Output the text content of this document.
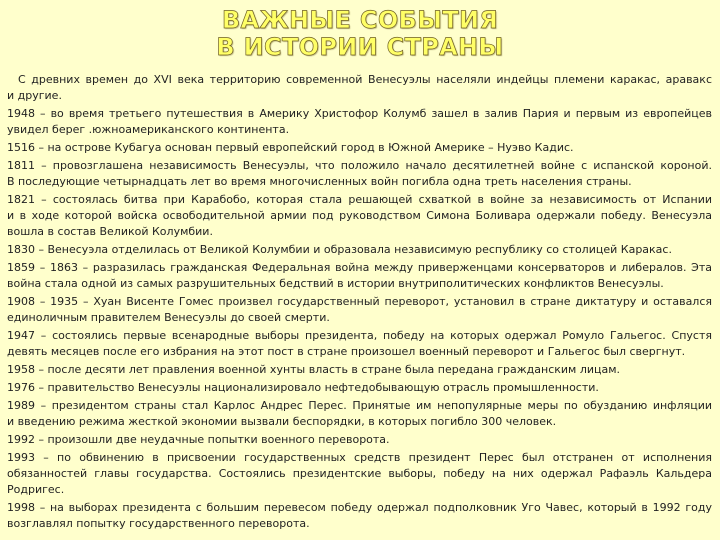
ВАЖНЫЕ СОБЫТИЯ
В ИСТОРИИ СТРАНЫ
С древних времен до XVI века территорию современной Венесуэлы населяли индейцы племени каракас, аравакс
и другие.
1948 – во время третьего путешествия в Америку Христофор Колумб зашел в залив Пария и первым из европейцев
увидел берег .южноамериканского континента.
1516 – на острове Кубагуа основан первый европейский город в Южной Америке – Нуэво Кадис.
1811 – провозглашена независимость Венесуэлы, что положило начало десятилетней войне с испанской короной.
В последующие четырнадцать лет во время многочисленных войн погибла одна треть населения страны.
1821 – состоялась битва при Карабобо, которая стала решающей схваткой в войне за независимость от Испании
и в ходе которой войска освободительной армии под руководством Симона Боливара одержали победу. Венесуэла
вошла в состав Великой Колумбии.
1830 – Венесуэла отделилась от Великой Колумбии и образовала независимую республику со столицей Каракас.
1859 – 1863 – разразилась гражданская Федеральная война между приверженцами консерваторов и либералов. Эта
война стала одной из самых разрушительных бедствий в истории внутриполитических конфликтов Венесуэлы.
1908 – 1935 – Хуан Висенте Гомес произвел государственный переворот, установил в стране диктатуру и оставался
единоличным правителем Венесуэлы до своей смерти.
1947 – состоялись первые всенародные выборы президента, победу на которых одержал Ромуло Гальегос. Спустя
девять месяцев после его избрания на этот пост в стране произошел военный переворот и Гальегос был свергнут.
1958 – после десяти лет правления военной хунты власть в стране была передана гражданским лицам.
1976 – правительство Венесуэлы национализировало нефтедобывающую отрасль промышленности.
1989 – президентом страны стал Карлос Андрес Перес. Принятые им непопулярные меры по обузданию инфляции
и введению режима жесткой экономии вызвали беспорядки, в которых погибло 300 человек.
1992 – произошли две неудачные попытки военного переворота.
1993 – по обвинению в присвоении государственных средств президент Перес был отстранен от исполнения
обязанностей главы государства. Состоялись президентские выборы, победу на них одержал Рафаэль Кальдера
Родригес.
1998 – на выборах президента с большим перевесом победу одержал подполковник Уго Чавес, который в 1992 году
возглавлял попытку государственного переворота.
